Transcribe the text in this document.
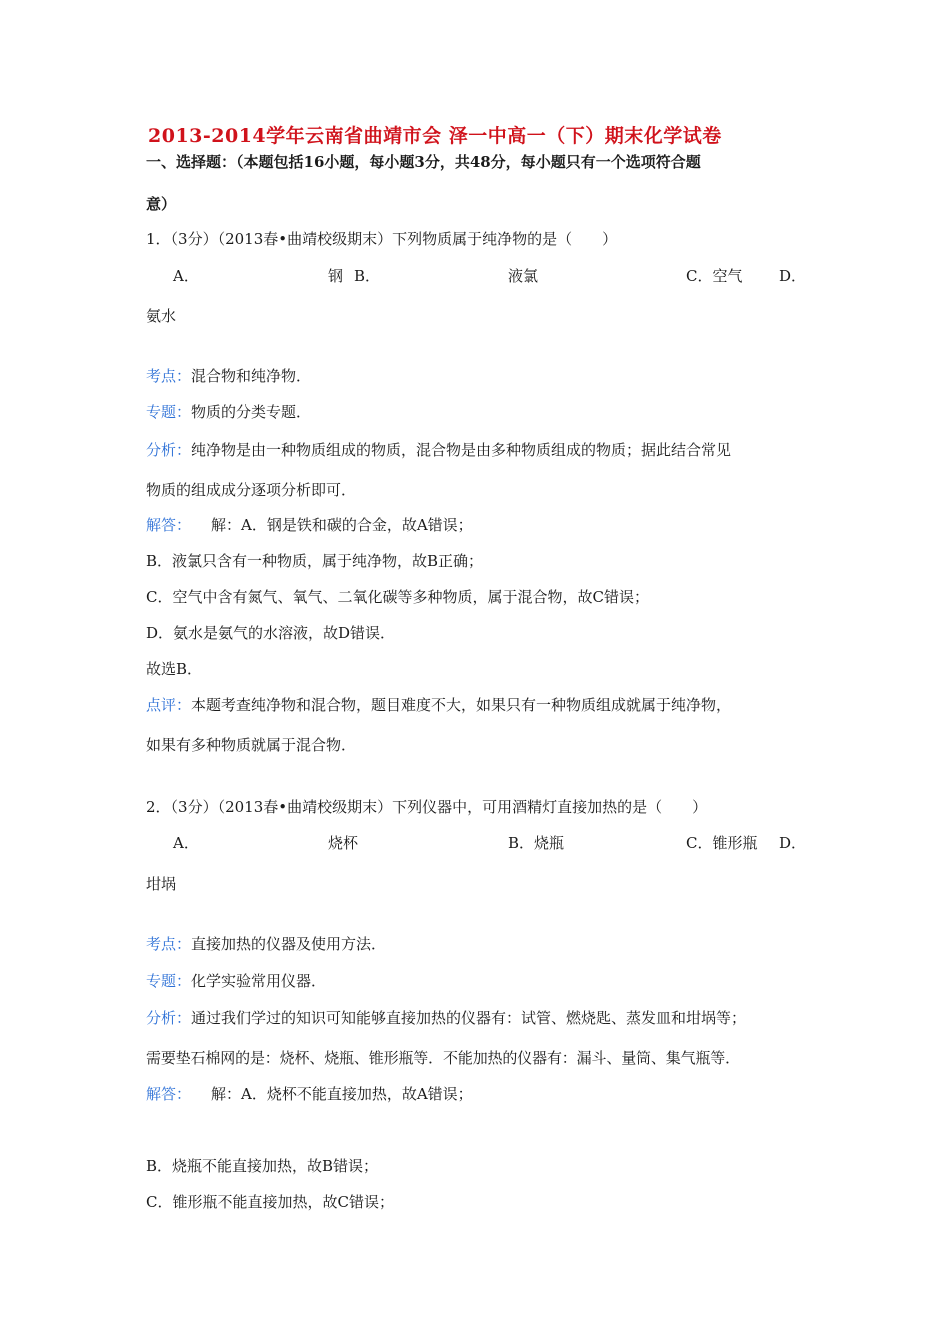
2013-2014学年云南省曲靖市会 泽一中高一（下）期末化学试卷
一、选择题：（本题包括16小题，每小题3分，共48分，每小题只有一个选项符合题
意）
1．（3分）（2013春•曲靖校级期末）下列物质属于纯净物的是（　　）
A．	钢 B．	液氯	C．空气 D．
氨水
考点：混合物和纯净物．
专题：物质的分类专题．
分析：纯净物是由一种物质组成的物质，混合物是由多种物质组成的物质；据此结合常见
物质的组成成分逐项分析即可．
解答： 解：A．钢是铁和碳的合金，故A错误；
B．液氯只含有一种物质，属于纯净物，故B正确；
C．空气中含有氮气、氧气、二氧化碳等多种物质，属于混合物，故C错误；
D．氨水是氨气的水溶液，故D错误．
故选B．
点评：本题考查纯净物和混合物，题目难度不大，如果只有一种物质组成就属于纯净物，
如果有多种物质就属于混合物．
2．（3分）（2013春•曲靖校级期末）下列仪器中，可用酒精灯直接加热的是（　　）
A．	烧杯	B．烧瓶	C．锥形瓶 D．
坩埚
考点：直接加热的仪器及使用方法．
专题：化学实验常用仪器．
分析：通过我们学过的知识可知能够直接加热的仪器有：试管、燃烧匙、蒸发皿和坩埚等；
需要垫石棉网的是：烧杯、烧瓶、锥形瓶等．不能加热的仪器有：漏斗、量筒、集气瓶等．
解答： 解：A．烧杯不能直接加热，故A错误；
B．烧瓶不能直接加热，故B错误；
C．锥形瓶不能直接加热，故C错误；
